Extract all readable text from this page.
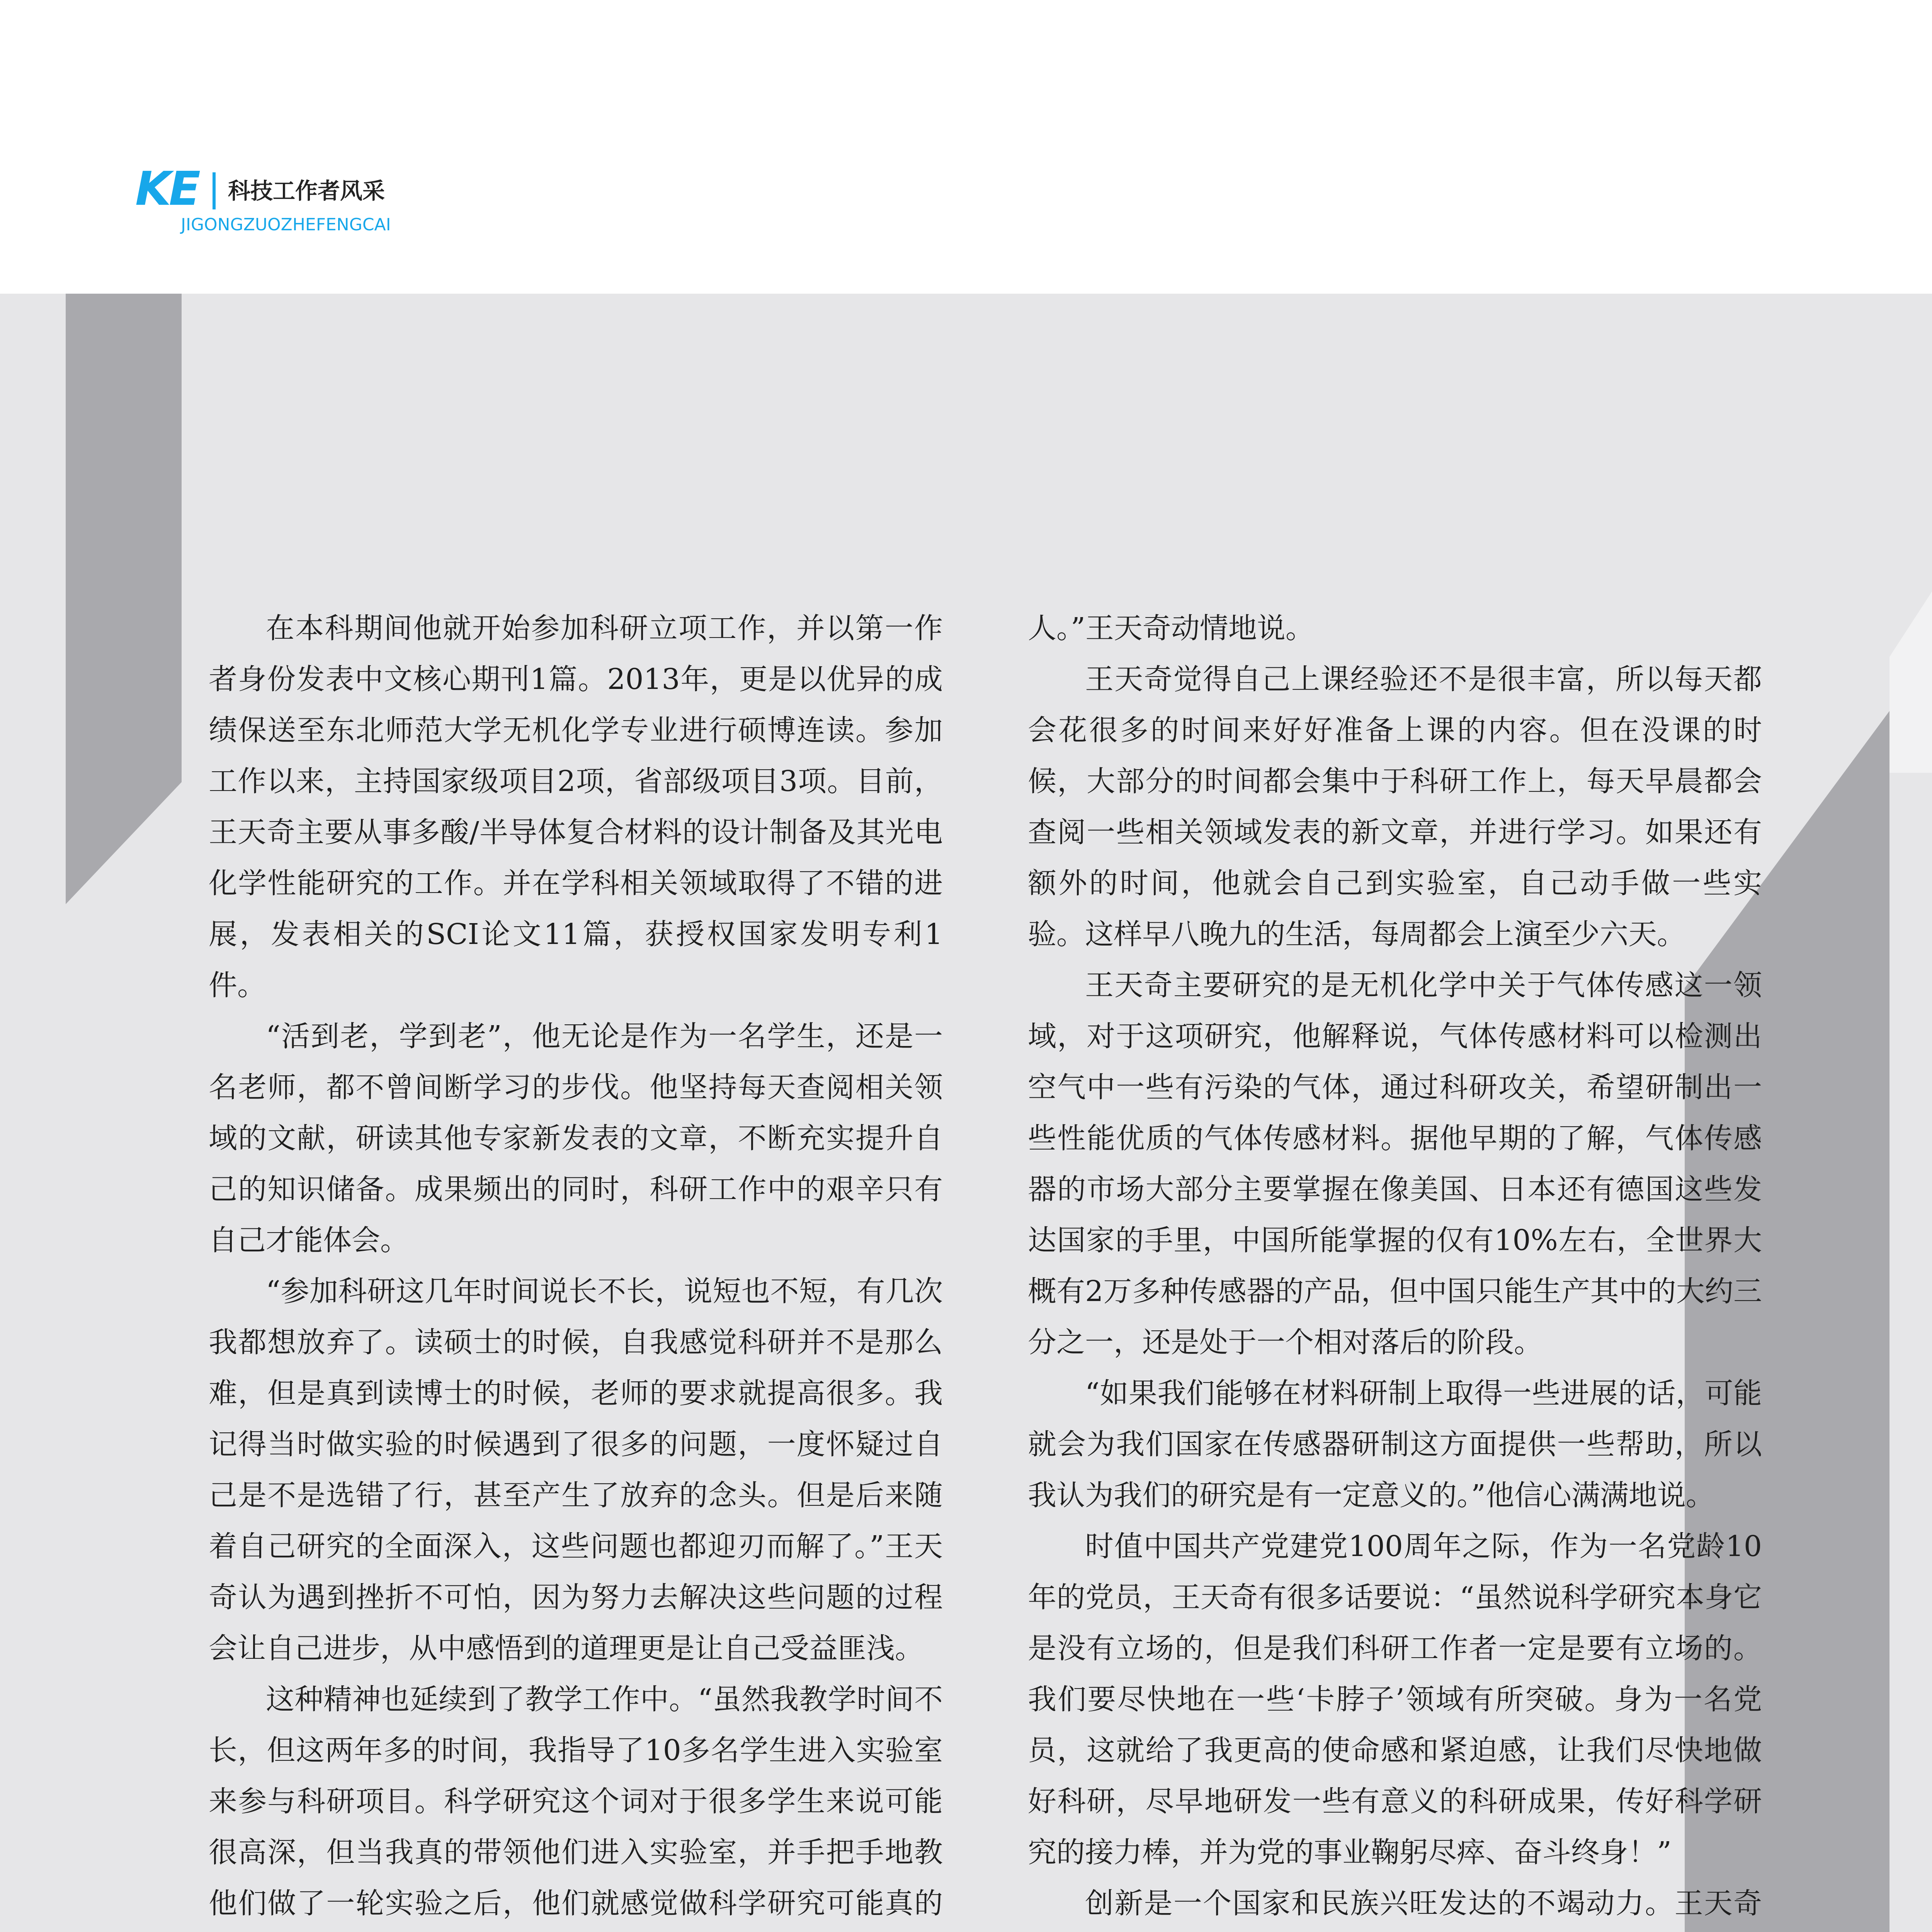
KE 科技工作者风采
JIGONGZUOZHEFENGCAI

在本科期间他就开始参加科研立项工作，并以第一作者身份发表中文核心期刊1篇。2013年，更是以优异的成绩保送至东北师范大学无机化学专业进行硕博连读。参加工作以来，主持国家级项目2项，省部级项目3项。目前，王天奇主要从事多酸/半导体复合材料的设计制备及其光电化学性能研究的工作。并在学科相关领域取得了不错的进展，发表相关的SCI论文11篇，获授权国家发明专利1件。

“活到老，学到老”，他无论是作为一名学生，还是一名老师，都不曾间断学习的步伐。他坚持每天查阅相关领域的文献，研读其他专家新发表的文章，不断充实提升自己的知识储备。成果频出的同时，科研工作中的艰辛只有自己才能体会。

“参加科研这几年时间说长不长，说短也不短，有几次我都想放弃了。读硕士的时候，自我感觉科研并不是那么难，但是真到读博士的时候，老师的要求就提高很多。我记得当时做实验的时候遇到了很多的问题，一度怀疑过自己是不是选错了行，甚至产生了放弃的念头。但是后来随着自己研究的全面深入，这些问题也都迎刃而解了。”王天奇认为遇到挫折不可怕，因为努力去解决这些问题的过程会让自己进步，从中感悟到的道理更是让自己受益匪浅。

这种精神也延续到了教学工作中。“虽然我教学时间不长，但这两年多的时间，我指导了10多名学生进入实验室来参与科研项目。科学研究这个词对于很多学生来说可能很高深，但当我真的带领他们进入实验室，并手把手地教他们做了一轮实验之后，他们就感觉做科学研究可能真的

人。”王天奇动情地说。

王天奇觉得自己上课经验还不是很丰富，所以每天都会花很多的时间来好好准备上课的内容。但在没课的时候，大部分的时间都会集中于科研工作上，每天早晨都会查阅一些相关领域发表的新文章，并进行学习。如果还有额外的时间，他就会自己到实验室，自己动手做一些实验。这样早八晚九的生活，每周都会上演至少六天。

王天奇主要研究的是无机化学中关于气体传感这一领域，对于这项研究，他解释说，气体传感材料可以检测出空气中一些有污染的气体，通过科研攻关，希望研制出一些性能优质的气体传感材料。据他早期的了解，气体传感器的市场大部分主要掌握在像美国、日本还有德国这些发达国家的手里，中国所能掌握的仅有10%左右，全世界大概有2万多种传感器的产品，但中国只能生产其中的大约三分之一，还是处于一个相对落后的阶段。

“如果我们能够在材料研制上取得一些进展的话，可能就会为我们国家在传感器研制这方面提供一些帮助，所以我认为我们的研究是有一定意义的。”他信心满满地说。

时值中国共产党建党100周年之际，作为一名党龄10年的党员，王天奇有很多话要说：“虽然说科学研究本身它是没有立场的，但是我们科研工作者一定是要有立场的。我们要尽快地在一些‘卡脖子’领域有所突破。身为一名党员，这就给了我更高的使命感和紧迫感，让我们尽快地做好科研，尽早地研发一些有意义的科研成果，传好科学研究的接力棒，并为党的事业鞠躬尽瘁、奋斗终身！”

创新是一个国家和民族兴旺发达的不竭动力。王天奇
